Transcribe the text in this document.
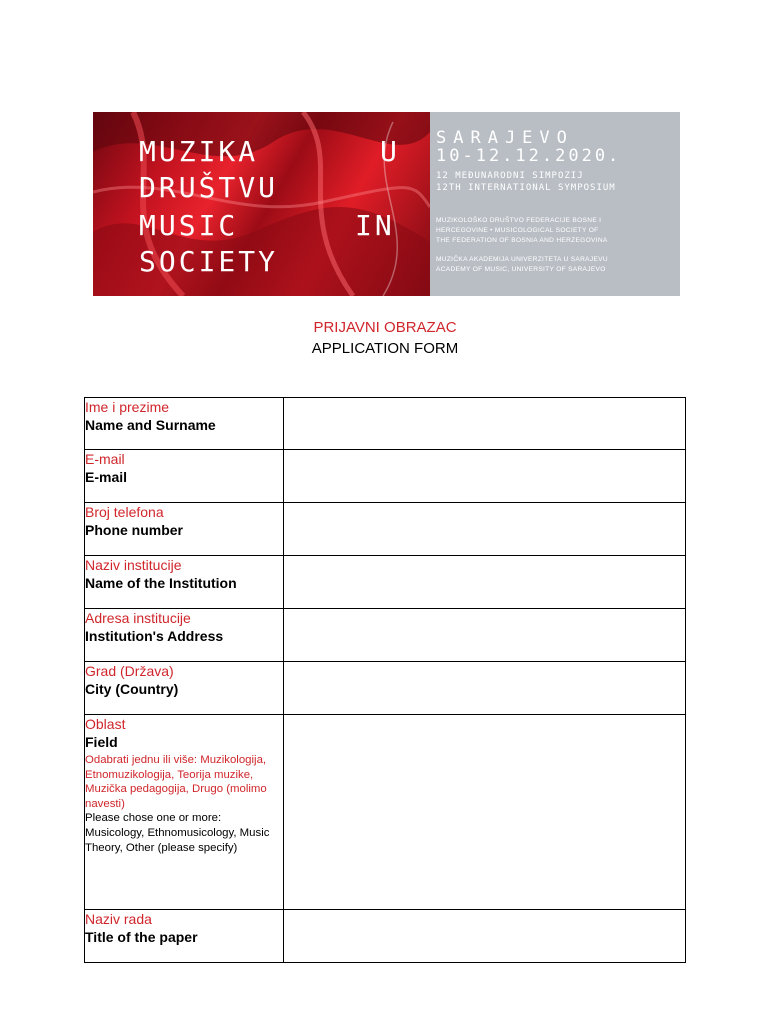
MUZIKA	U
DRUŠTVU
MUSIC	IN
SOCIETY
SARAJEVO
10-12.12.2020.
12 MEĐUNARODNI SIMPOZIJ
12TH INTERNATIONAL SYMPOSIUM
MUZIKOLOŠKO DRUŠTVO FEDERACIJE BOSNE I
HERCEGOVINE • MUSICOLOGICAL SOCIETY OF
THE FEDERATION OF BOSNIA AND HERZEGOVINA
MUZIČKA AKADEMIJA UNIVERZITETA U SARAJEVU
ACADEMY OF MUSIC, UNIVERSITY OF SARAJEVO
PRIJAVNI OBRAZAC
APPLICATION FORM
Ime i prezime
Name and Surname	

E-mail
E-mail	

Broj telefona
Phone number	

Naziv institucije
Name of the Institution	

Adresa institucije
Institution's Address	

Grad (Država)
City (Country)	

Oblast
Field
Odabrati jednu ili više: Muzikologija, Etnomuzikologija, Teorija muzike, Muzička pedagogija, Drugo (molimo navesti)
Please chose one or more: Musicology, Ethnomusicology, Music Theory, Other (please specify)	

Naziv rada
Title of the paper	
